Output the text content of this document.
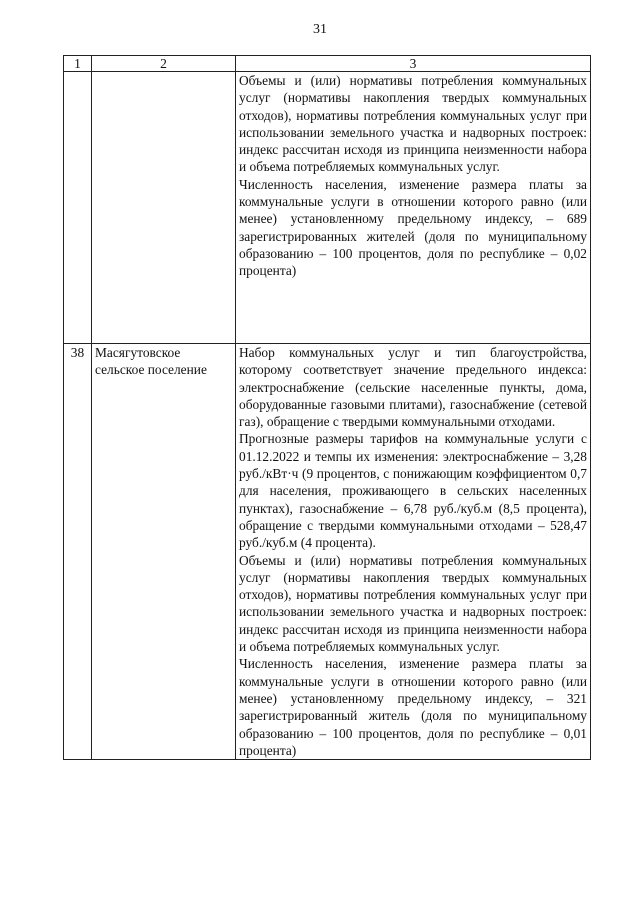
31
1	2	3

		Объемы и (или) нормативы потребления коммунальных услуг (нормативы накопления твердых коммунальных отходов), нормативы потребления коммунальных услуг при использовании земельного участка и надворных построек: индекс рассчитан исходя из принципа неизменности набора и объема потребляемых коммунальных услуг.

Численность населения, изменение размера платы за коммунальные услуги в отношении которого равно (или менее) установленному предельному индексу, – 689 зарегистрированных жителей (доля по муниципальному образованию – 100 процентов, доля по республике – 0,02 процента)

38	Масягутовское сельское поселение	Набор коммунальных услуг и тип благоустройства, которому соответствует значение предельного индекса: электроснабжение (сельские населенные пункты, дома, оборудованные газовыми плитами), газоснабжение (сетевой газ), обращение с твердыми коммунальными отходами.

Прогнозные размеры тарифов на коммунальные услуги с 01.12.2022 и темпы их изменения: электроснабжение – 3,28 руб./кВт·ч (9 процентов, с понижающим коэффициентом 0,7 для населения, проживающего в сельских населенных пунктах), газоснабжение – 6,78 руб./куб.м (8,5 процента), обращение с твердыми коммунальными отходами – 528,47 руб./куб.м (4 процента).

Объемы и (или) нормативы потребления коммунальных услуг (нормативы накопления твердых коммунальных отходов), нормативы потребления коммунальных услуг при использовании земельного участка и надворных построек: индекс рассчитан исходя из принципа неизменности набора и объема потребляемых коммунальных услуг.

Численность населения, изменение размера платы за коммунальные услуги в отношении которого равно (или менее) установленному предельному индексу, – 321 зарегистрированный житель (доля по муниципальному образованию – 100 процентов, доля по республике – 0,01 процента)
